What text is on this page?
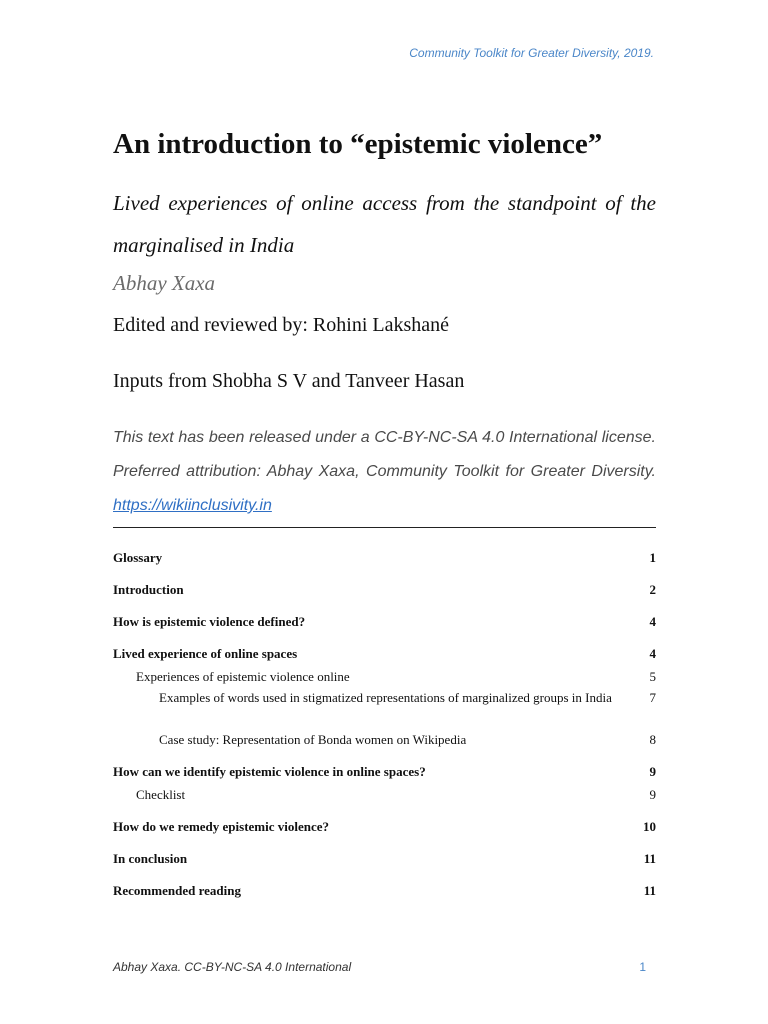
Community Toolkit for Greater Diversity, 2019.
An introduction to “epistemic violence”

Lived experiences of online access from the standpoint of the marginalised in India

Abhay Xaxa

Edited and reviewed by: Rohini Lakshané

Inputs from Shobha S V and Tanveer Hasan

This text has been released under a CC-BY-NC-SA 4.0 International license. Preferred attribution: Abhay Xaxa, Community Toolkit for Greater Diversity. https://wikiinclusivity.in

Glossary	1
Introduction	2
How is epistemic violence defined?	4
Lived experience of online spaces	4
Experiences of epistemic violence online	5
Examples of words used in stigmatized representations of marginalized groups in India	7
Case study: Representation of Bonda women on Wikipedia	8
How can we identify epistemic violence in online spaces?	9
Checklist	9
How do we remedy epistemic violence?	10
In conclusion	11
Recommended reading	11
Abhay Xaxa. CC-BY-NC-SA 4.0 International	1
